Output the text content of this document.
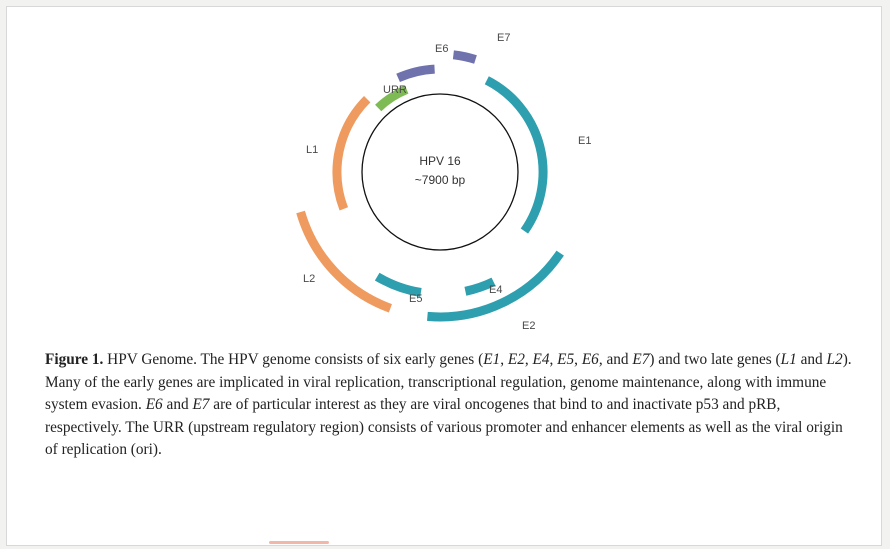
HPV 16
~7900 bp
E6
E7
E1
E2
E4
E5
L2
L1
URR
Figure 1. HPV Genome. The HPV genome consists of six early genes (E1, E2, E4, E5, E6, and E7) and two late genes (L1 and L2). Many of the early genes are implicated in viral replication, transcriptional regulation, genome maintenance, along with immune system evasion. E6 and E7 are of particular interest as they are viral oncogenes that bind to and inactivate p53 and pRB, respectively. The URR (upstream regulatory region) consists of various promoter and enhancer elements as well as the viral origin of replication (ori).
